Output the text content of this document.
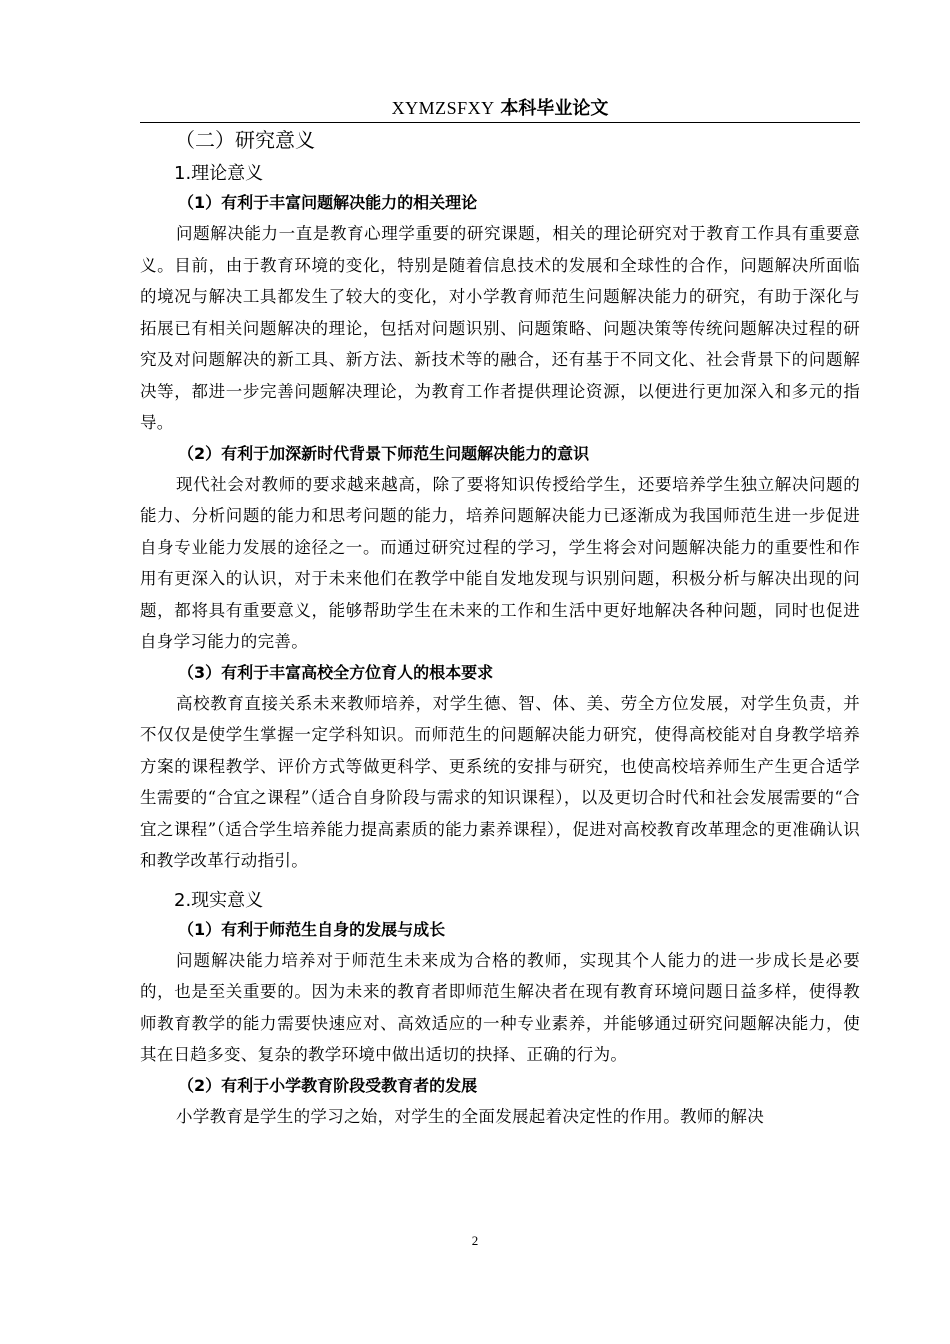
XYMZSFXY 本科毕业论文
（二）研究意义
1.理论意义
（1）有利于丰富问题解决能力的相关理论
问题解决能力一直是教育心理学重要的研究课题，相关的理论研究对于教育工作具有重要意义。目前，由于教育环境的变化，特别是随着信息技术的发展和全球性的合作，问题解决所面临的境况与解决工具都发生了较大的变化，对小学教育师范生问题解决能力的研究，有助于深化与拓展已有相关问题解决的理论，包括对问题识别、问题策略、问题决策等传统问题解决过程的研究及对问题解决的新工具、新方法、新技术等的融合，还有基于不同文化、社会背景下的问题解决等，都进一步完善问题解决理论，为教育工作者提供理论资源，以便进行更加深入和多元的指导。
（2）有利于加深新时代背景下师范生问题解决能力的意识
现代社会对教师的要求越来越高，除了要将知识传授给学生，还要培养学生独立解决问题的能力、分析问题的能力和思考问题的能力，培养问题解决能力已逐渐成为我国师范生进一步促进自身专业能力发展的途径之一。而通过研究过程的学习，学生将会对问题解决能力的重要性和作用有更深入的认识，对于未来他们在教学中能自发地发现与识别问题，积极分析与解决出现的问题，都将具有重要意义，能够帮助学生在未来的工作和生活中更好地解决各种问题，同时也促进自身学习能力的完善。
（3）有利于丰富高校全方位育人的根本要求
高校教育直接关系未来教师培养，对学生德、智、体、美、劳全方位发展，对学生负责，并不仅仅是使学生掌握一定学科知识。而师范生的问题解决能力研究，使得高校能对自身教学培养方案的课程教学、评价方式等做更科学、更系统的安排与研究，也使高校培养师生产生更合适学生需要的“合宜之课程”（适合自身阶段与需求的知识课程），以及更切合时代和社会发展需要的“合宜之课程”（适合学生培养能力提高素质的能力素养课程），促进对高校教育改革理念的更准确认识和教学改革行动指引。
2.现实意义
（1）有利于师范生自身的发展与成长
问题解决能力培养对于师范生未来成为合格的教师，实现其个人能力的进一步成长是必要的，也是至关重要的。因为未来的教育者即师范生解决者在现有教育环境问题日益多样，使得教师教育教学的能力需要快速应对、高效适应的一种专业素养，并能够通过研究问题解决能力，使其在日趋多变、复杂的教学环境中做出适切的抉择、正确的行为。
（2）有利于小学教育阶段受教育者的发展
小学教育是学生的学习之始，对学生的全面发展起着决定性的作用。教师的解决
2
